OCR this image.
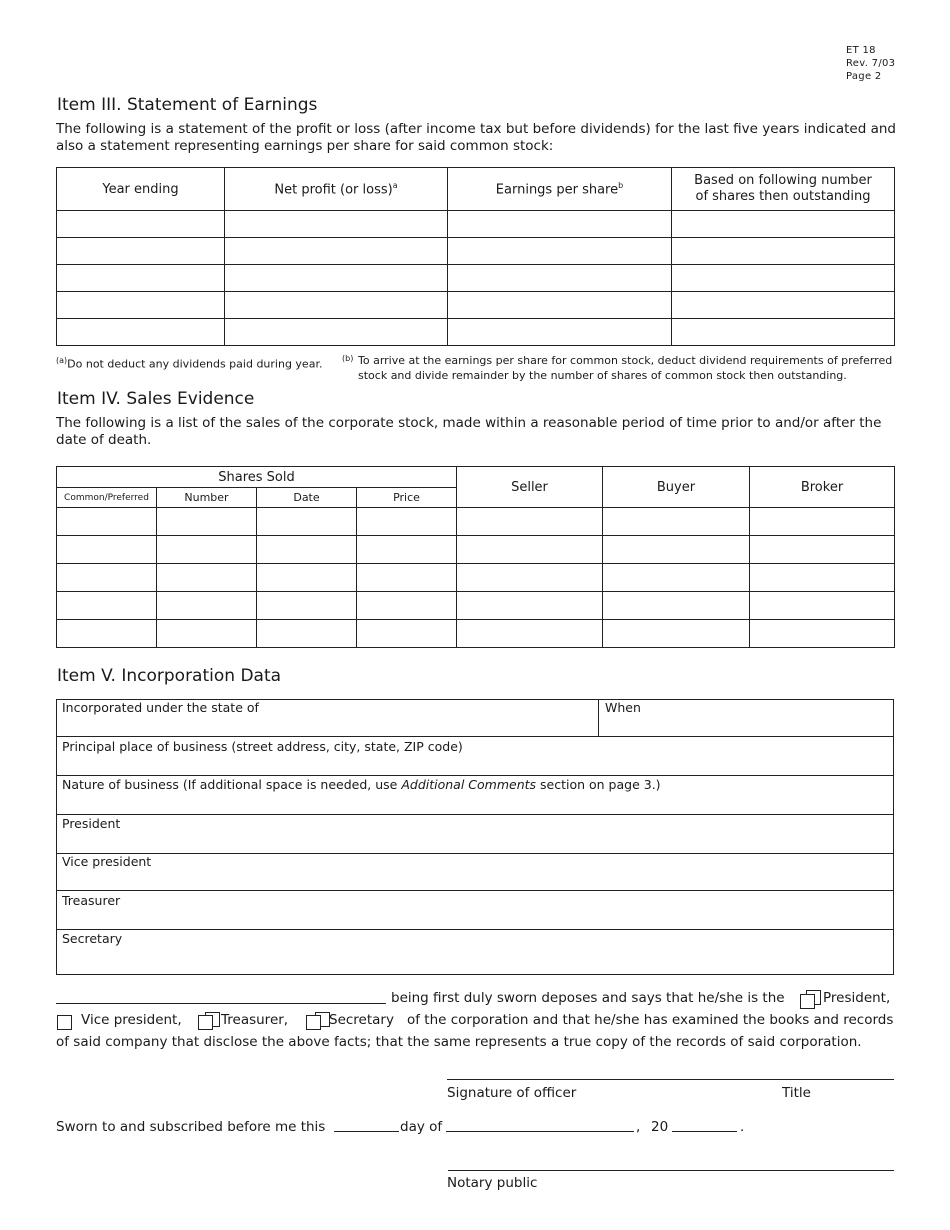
ET 18
Rev. 7/03
Page 2
Item III. Statement of Earnings
The following is a statement of the profit or loss (after income tax but before dividends) for the last five years indicated and also a statement representing earnings per share for said common stock:
Year ending	Net profit (or loss)$^a$	Earnings per share$^b$	Based on following number
of shares then outstanding

$^{(a)}$Do not deduct any dividends paid during year.	(b) To arrive at the earnings per share for common stock, deduct dividend requirements of preferred stock and divide remainder by the number of shares of common stock then outstanding.
Item IV. Sales Evidence
The following is a list of the sales of the corporate stock, made within a reasonable period of time prior to and/or after the date of death.
Shares Sold				Seller	Buyer	Broker
Common/Preferred	Number	Date	Price			

Item V. Incorporation Data
Incorporated under the state of	When
Principal place of business (street address, city, state, ZIP code)
Nature of business (If additional space is needed, use Additional Comments section on page 3.)
President
Vice president
Treasurer
Secretary
being first duly sworn deposes and says that he/she is the	President,
Vice president,	Treasurer,	Secretary of the corporation and that he/she has examined the books and records
of said company that disclose the above facts; that the same represents a true copy of the records of said corporation.
Signature of officer	Title
Sworn to and subscribed before me this	day of	, 20	.
Notary public
